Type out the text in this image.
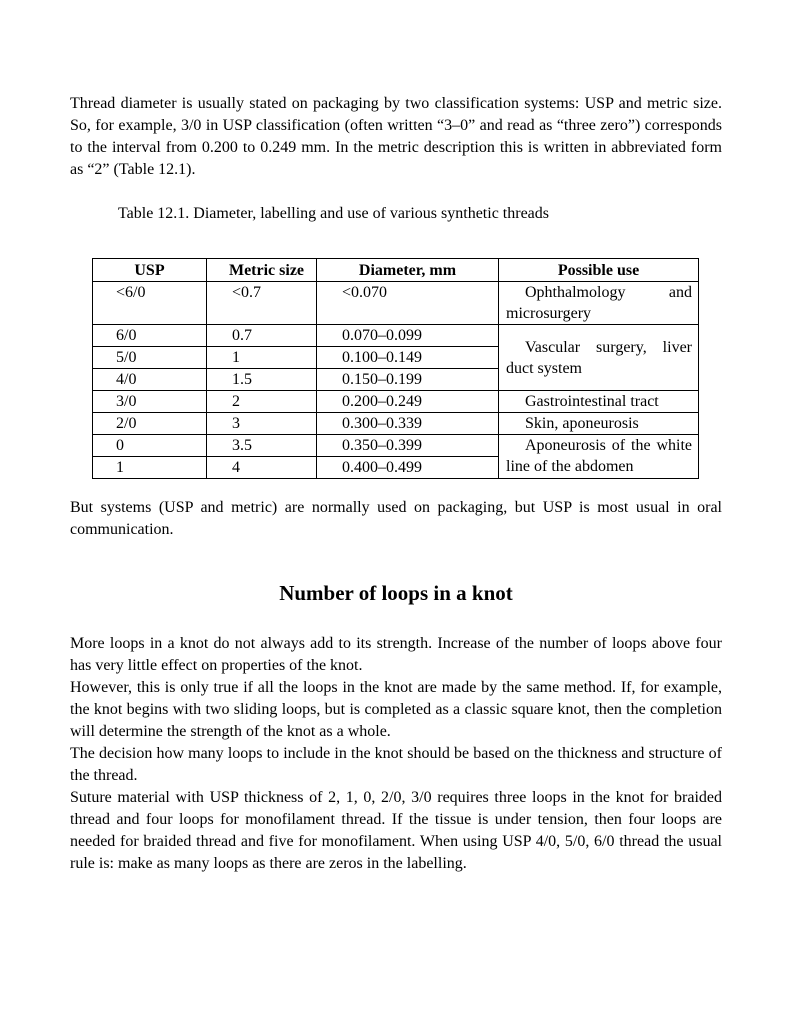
Thread diameter is usually stated on packaging by two classification systems: USP and metric size. So, for example, 3/0 in USP classification (often written “3–0” and read as “three zero”) corresponds to the interval from 0.200 to 0.249 mm. In the metric description this is written in abbreviated form as “2” (Table 12.1).

Table 12.1. Diameter, labelling and use of various synthetic threads

USP	Metric size	Diameter, mm	Possible use
<6/0	<0.7	<0.070	Ophthalmology and microsurgery
6/0	0.7	0.070–0.099	Vascular surgery, liver duct system
5/0	1	0.100–0.149	
4/0	1.5	0.150–0.199	
3/0	2	0.200–0.249	Gastrointestinal tract
2/0	3	0.300–0.339	Skin, aponeurosis
0	3.5	0.350–0.399	Aponeurosis of the white line of the abdomen
1	4	0.400–0.499	

But systems (USP and metric) are normally used on packaging, but USP is most usual in oral communication.

Number of loops in a knot

More loops in a knot do not always add to its strength. Increase of the number of loops above four has very little effect on properties of the knot.

However, this is only true if all the loops in the knot are made by the same method. If, for example, the knot begins with two sliding loops, but is completed as a classic square knot, then the completion will determine the strength of the knot as a whole.

The decision how many loops to include in the knot should be based on the thickness and structure of the thread.

Suture material with USP thickness of 2, 1, 0, 2/0, 3/0 requires three loops in the knot for braided thread and four loops for monofilament thread. If the tissue is under tension, then four loops are needed for braided thread and five for monofilament. When using USP 4/0, 5/0, 6/0 thread the usual rule is: make as many loops as there are zeros in the labelling.
